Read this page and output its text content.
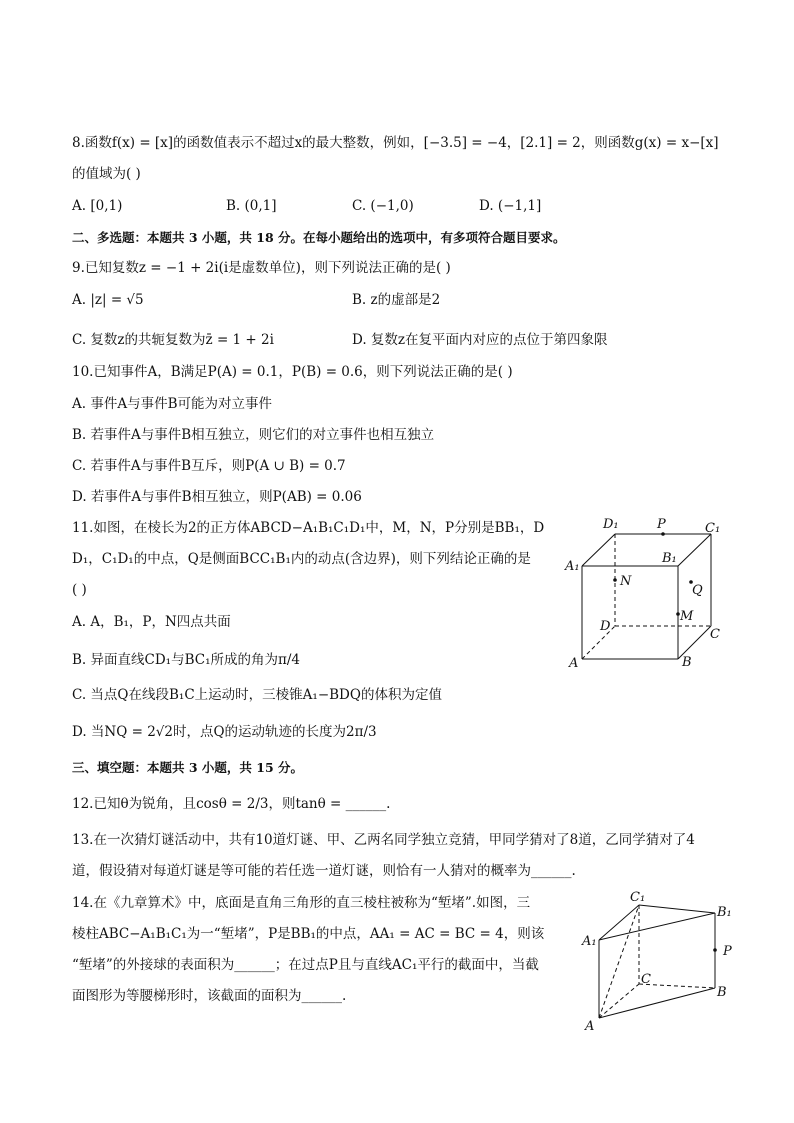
8.函数f(x) = [x]的函数值表示不超过x的最大整数，例如，[−3.5] = −4，[2.1] = 2，则函数g(x) = x−[x]
的值域为( )
A. [0,1)	B. (0,1]	C. (−1,0)	D. (−1,1]
二、多选题：本题共 3 小题，共 18 分。在每小题给出的选项中，有多项符合题目要求。
9.已知复数z = −1 + 2i(i是虚数单位)，则下列说法正确的是( )
A. |z| = √5	B. z的虚部是2
C. 复数z的共轭复数为z̄ = 1 + 2i	D. 复数z在复平面内对应的点位于第四象限
10.已知事件A，B满足P(A) = 0.1，P(B) = 0.6，则下列说法正确的是( )
A. 事件A与事件B可能为对立事件
B. 若事件A与事件B相互独立，则它们的对立事件也相互独立
C. 若事件A与事件B互斥，则P(A ∪ B) = 0.7
D. 若事件A与事件B相互独立，则P(AB) = 0.06
11.如图，在棱长为2的正方体ABCD−A₁B₁C₁D₁中，M，N，P分别是BB₁，D
D₁，C₁D₁的中点，Q是侧面BCC₁B₁内的动点(含边界)，则下列结论正确的是
( )
A. A，B₁，P，N四点共面
B. 异面直线CD₁与BC₁所成的角为π/4
C. 当点Q在线段B₁C上运动时，三棱锥A₁−BDQ的体积为定值
D. 当NQ = 2√2时，点Q的运动轨迹的长度为2π/3
D₁	P	C₁
A₁
B₁
N
Q
M
D
C
A	B
三、填空题：本题共 3 小题，共 15 分。
12.已知θ为锐角，且cosθ = 2/3，则tanθ = ______.
13.在一次猜灯谜活动中，共有10道灯谜、甲、乙两名同学独立竞猜，甲同学猜对了8道，乙同学猜对了4
道，假设猜对每道灯谜是等可能的若任选一道灯谜，则恰有一人猜对的概率为______.
14.在《九章算术》中，底面是直角三角形的直三棱柱被称为“堑堵”.如图，三
棱柱ABC−A₁B₁C₁为一“堑堵”，P是BB₁的中点，AA₁ = AC = BC = 4，则该
“堑堵”的外接球的表面积为______；在过点P且与直线AC₁平行的截面中，当截
面图形为等腰梯形时，该截面的面积为______.
C₁
B₁
A₁
P
C
B
A
